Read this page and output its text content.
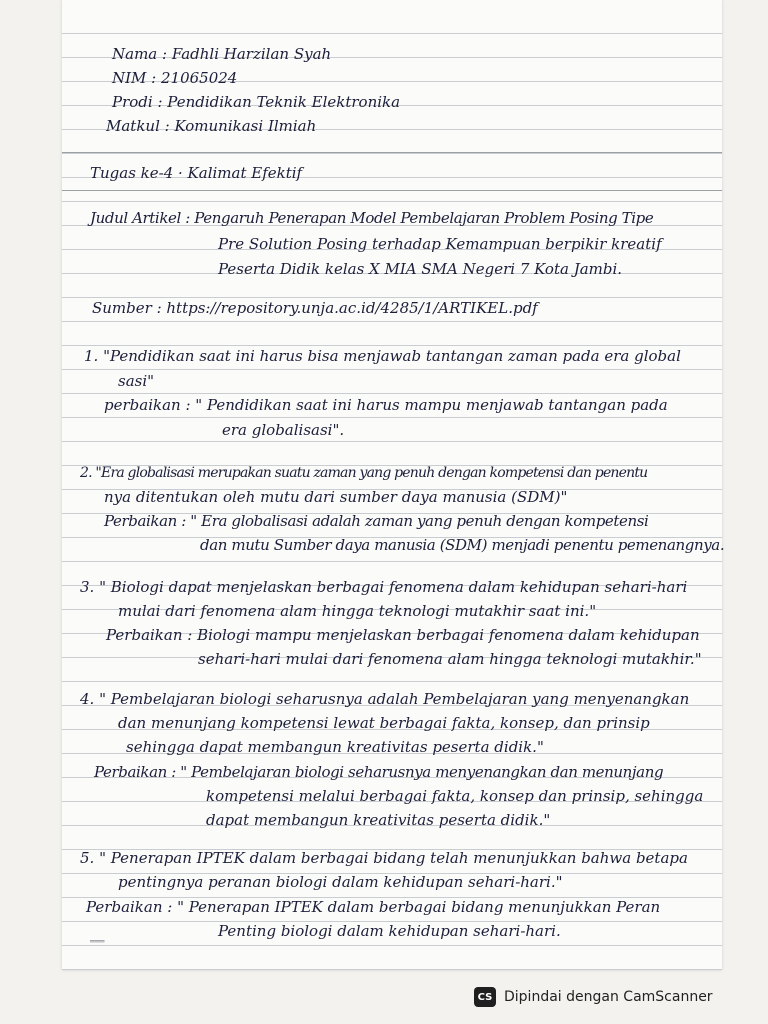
Nama : Fadhli Harzilan Syah
NIM : 21065024
Prodi : Pendidikan Teknik Elektronika
Matkul : Komunikasi Ilmiah
Tugas ke-4 · Kalimat Efektif
Judul Artikel : Pengaruh Penerapan Model Pembelajaran Problem Posing Tipe
Pre Solution Posing terhadap Kemampuan berpikir kreatif
Peserta Didik kelas X MIA SMA Negeri 7 Kota Jambi.
Sumber : https://repository.unja.ac.id/4285/1/ARTIKEL.pdf
1. "Pendidikan saat ini harus bisa menjawab tantangan zaman pada era global
sasi"
perbaikan : " Pendidikan saat ini harus mampu menjawab tantangan pada
era globalisasi".
2. "Era globalisasi merupakan suatu zaman yang penuh dengan kompetensi dan penentu
nya ditentukan oleh mutu dari sumber daya manusia (SDM)"
Perbaikan : " Era globalisasi adalah zaman yang penuh dengan kompetensi
dan mutu Sumber daya manusia (SDM) menjadi penentu pemenangnya.
3. " Biologi dapat menjelaskan berbagai fenomena dalam kehidupan sehari-hari
mulai dari fenomena alam hingga teknologi mutakhir saat ini."
Perbaikan : Biologi mampu menjelaskan berbagai fenomena dalam kehidupan
sehari-hari mulai dari fenomena alam hingga teknologi mutakhir."
4. " Pembelajaran biologi seharusnya adalah Pembelajaran yang menyenangkan
dan menunjang kompetensi lewat berbagai fakta, konsep, dan prinsip
sehingga dapat membangun kreativitas peserta didik."
Perbaikan : " Pembelajaran biologi seharusnya menyenangkan dan menunjang
kompetensi melalui berbagai fakta, konsep dan prinsip, sehingga
dapat membangun kreativitas peserta didik."
5. " Penerapan IPTEK dalam berbagai bidang telah menunjukkan bahwa betapa
pentingnya peranan biologi dalam kehidupan sehari-hari."
Perbaikan : " Penerapan IPTEK dalam berbagai bidang menunjukkan Peran
Penting biologi dalam kehidupan sehari-hari.
═══
CS Dipindai dengan CamScanner
